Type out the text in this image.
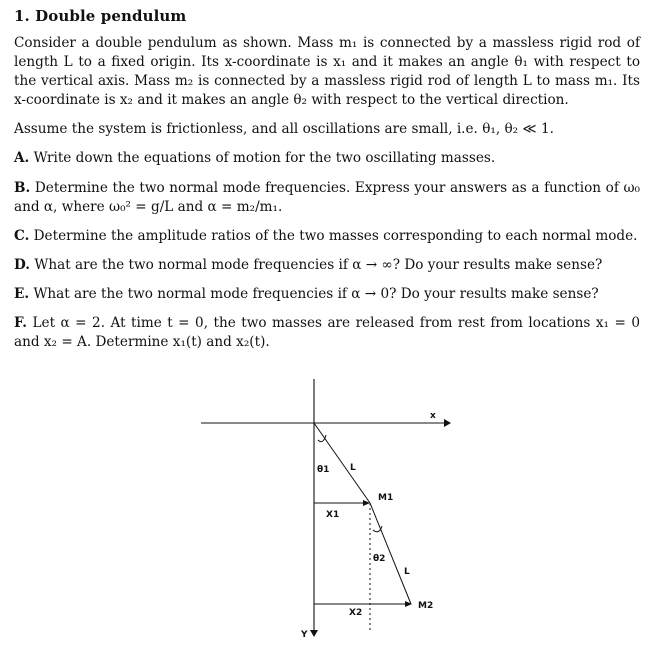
1. Double pendulum
Consider a double pendulum as shown. Mass m₁ is connected by a massless rigid rod of
length L to a fixed origin. Its x-coordinate is x₁ and it makes an angle θ₁ with respect to
the vertical axis. Mass m₂ is connected by a massless rigid rod of length L to mass m₁. Its
x-coordinate is x₂ and it makes an angle θ₂ with respect to the vertical direction.
Assume the system is frictionless, and all oscillations are small, i.e. θ₁, θ₂ ≪ 1.
A. Write down the equations of motion for the two oscillating masses.
B. Determine the two normal mode frequencies. Express your answers as a function of ω₀
and α, where ω₀² = g/L and α = m₂/m₁.
C. Determine the amplitude ratios of the two masses corresponding to each normal mode.
D. What are the two normal mode frequencies if α → ∞? Do your results make sense?
E. What are the two normal mode frequencies if α → 0? Do your results make sense?
F. Let α = 2. At time t = 0, the two masses are released from rest from locations x₁ = 0
and x₂ = A. Determine x₁(t) and x₂(t).
x
Y
θ1 L
M1
X1
θ2
L
M2
X2
